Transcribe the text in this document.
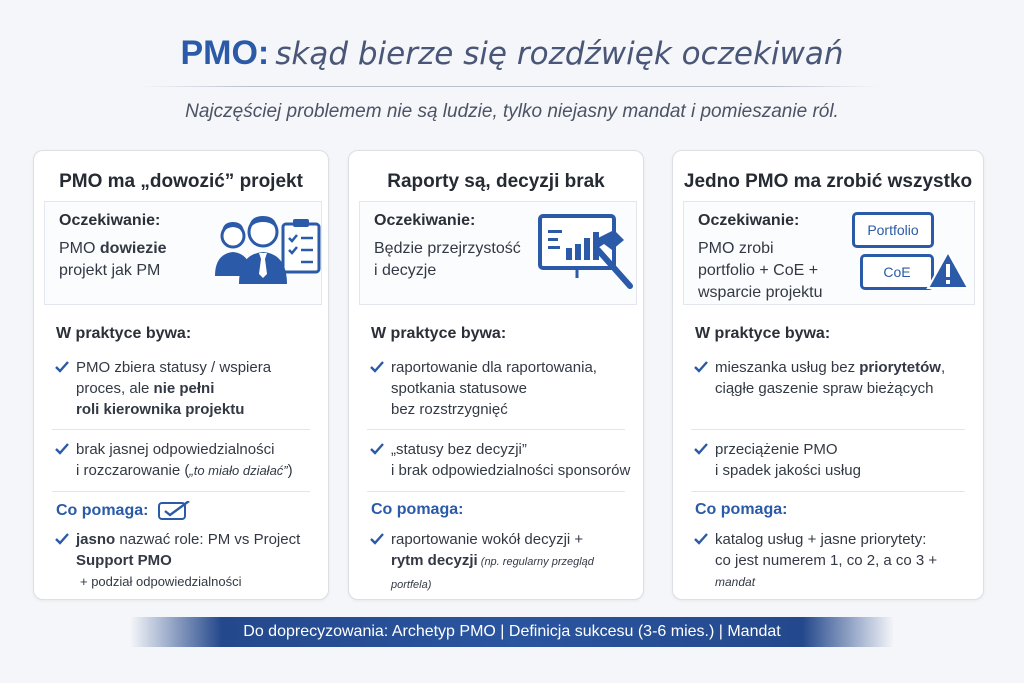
PMO: skąd bierze się rozdźwięk oczekiwań
Najczęściej problemem nie są ludzie, tylko niejasny mandat i pomieszanie ról.
PMO ma „dowozić” projekt
Oczekiwanie:
PMO dowiezie
projekt jak PM
W praktyce bywa:
PMO zbiera statusy / wspiera
proces, ale nie pełni
roli kierownika projektu
brak jasnej odpowiedzialności
i rozczarowanie („to miało działać”)
Co pomaga:
jasno nazwać role: PM vs Project
Support PMO
+ podział odpowiedzialności
Raporty są, decyzji brak
Oczekiwanie:
Będzie przejrzystość
i decyzje
W praktyce bywa:
raportowanie dla raportowania,
spotkania statusowe
bez rozstrzygnięć
„statusy bez decyzji”
i brak odpowiedzialności sponsorów
Co pomaga:
raportowanie wokół decyzji +
rytm decyzji (np. regularny przegląd portfela)
Jedno PMO ma zrobić wszystko
Oczekiwanie:
PMO zrobi
portfolio + CoE +
wsparcie projektu
Portfolio
CoE
W praktyce bywa:
mieszanka usług bez priorytetów,
ciągłe gaszenie spraw bieżących
przeciążenie PMO
i spadek jakości usług
Co pomaga:
katalog usług + jasne priorytety:
co jest numerem 1, co 2, a co 3 + mandat
Do doprecyzowania: Archetyp PMO | Definicja sukcesu (3-6 mies.) | Mandat
